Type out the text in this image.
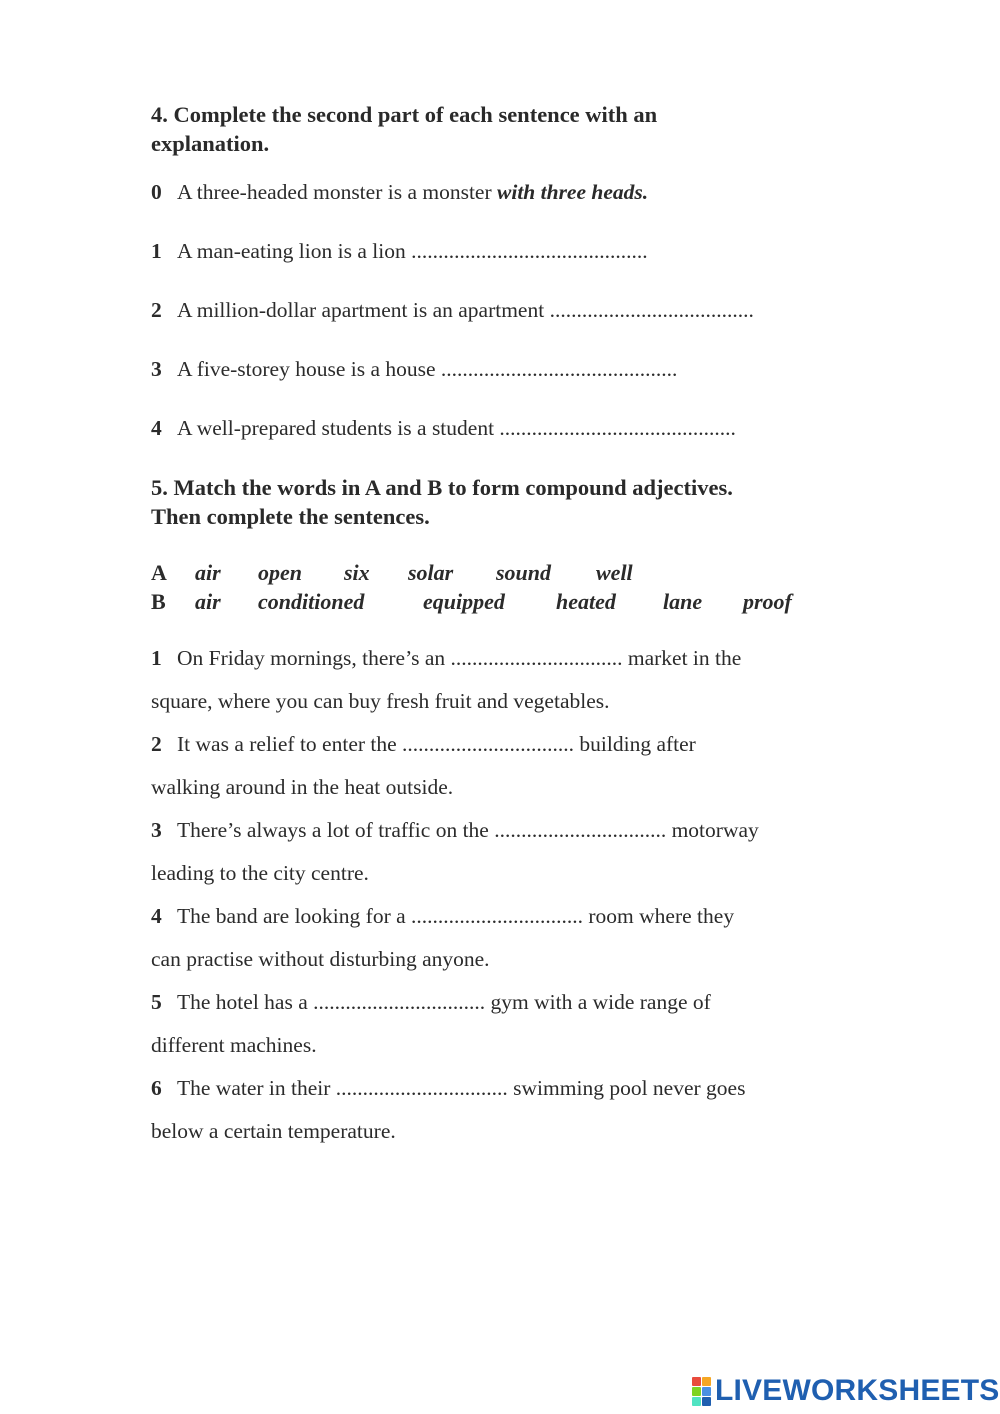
4. Complete the second part of each sentence with an
explanation.
0 A three-headed monster is a monster with three heads.
1 A man-eating lion is a lion ............................................
2 A million-dollar apartment is an apartment ......................................
3 A five-storey house is a house ............................................
4 A well-prepared students is a student ............................................
5. Match the words in A and B to form compound adjectives.
Then complete the sentences.
A air open six solar sound well
B air conditioned	equipped heated lane proof
1 On Friday mornings, there’s an ................................ market in the
square, where you can buy fresh fruit and vegetables.
2 It was a relief to enter the ................................ building after
walking around in the heat outside.
3 There’s always a lot of traffic on the ................................ motorway
leading to the city centre.
4 The band are looking for a ................................ room where they
can practise without disturbing anyone.
5 The hotel has a ................................ gym with a wide range of
different machines.
6 The water in their ................................ swimming pool never goes
below a certain temperature.
LIVEWORKSHEETS
